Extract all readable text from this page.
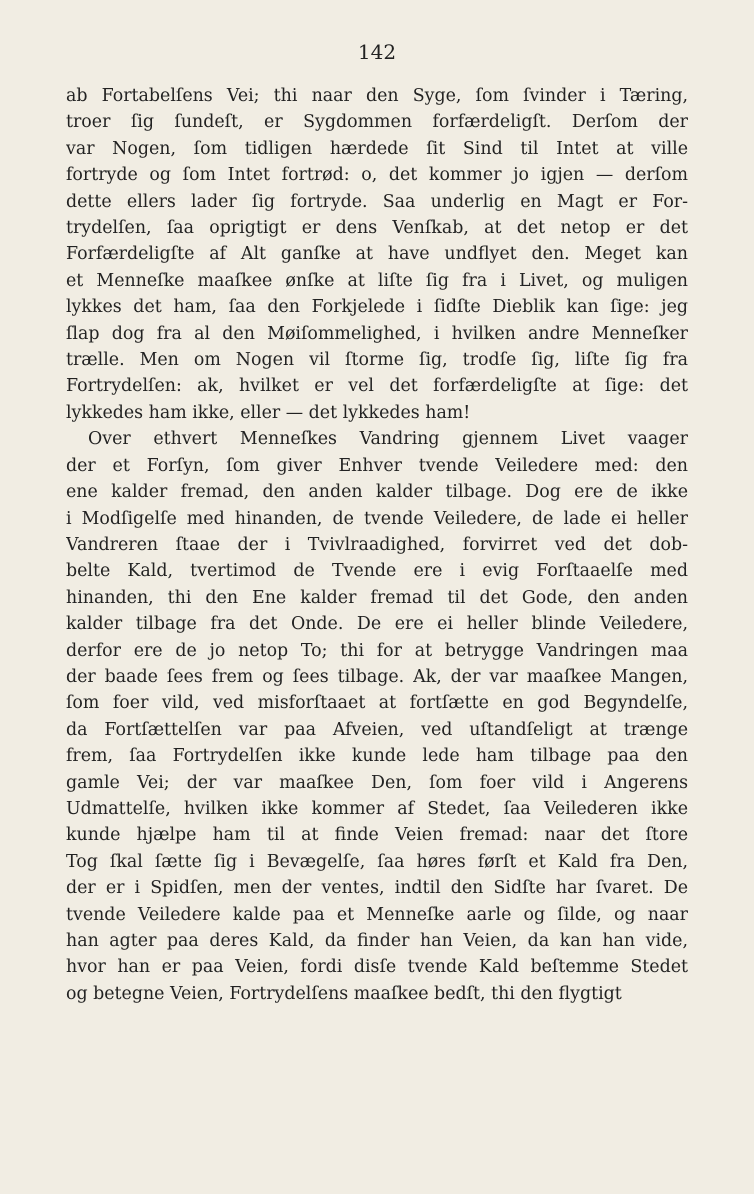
142
ab Fortabelſens Vei; thi naar den Syge, ſom ſvinder i Tæring,
troer ſig ſundeſt, er Sygdommen forfærdeligſt. Derſom der
var Nogen, ſom tidligen hærdede ſit Sind til Intet at ville
fortryde og ſom Intet fortrød: o, det kommer jo igjen — derſom
dette ellers lader ſig fortryde. Saa underlig en Magt er For-
trydelſen, ſaa oprigtigt er dens Venſkab, at det netop er det
Forfærdeligſte af Alt ganſke at have undflyet den. Meget kan
et Menneſke maaſkee ønſke at liſte ſig fra i Livet, og muligen
lykkes det ham, ſaa den Forkjelede i ſidſte Dieblik kan ſige: jeg
ſlap dog fra al den Møiſommelighed, i hvilken andre Menneſker
trælle. Men om Nogen vil ſtorme ſig, trodſe ſig, liſte ſig fra
Fortrydelſen: ak, hvilket er vel det forfærdeligſte at ſige: det
lykkedes ham ikke, eller — det lykkedes ham!
Over ethvert Menneſkes Vandring gjennem Livet vaager
der et Forſyn, ſom giver Enhver tvende Veiledere med: den
ene kalder fremad, den anden kalder tilbage. Dog ere de ikke
i Modſigelſe med hinanden, de tvende Veiledere, de lade ei heller
Vandreren ſtaae der i Tvivlraadighed, forvirret ved det dob-
belte Kald, tvertimod de Tvende ere i evig Forſtaaelſe med
hinanden, thi den Ene kalder fremad til det Gode, den anden
kalder tilbage fra det Onde. De ere ei heller blinde Veiledere,
derfor ere de jo netop To; thi for at betrygge Vandringen maa
der baade ſees frem og ſees tilbage. Ak, der var maaſkee Mangen,
ſom foer vild, ved misforſtaaet at fortſætte en god Begyndelſe,
da Fortſættelſen var paa Afveien, ved uſtandſeligt at trænge
frem, ſaa Fortrydelſen ikke kunde lede ham tilbage paa den
gamle Vei; der var maaſkee Den, ſom foer vild i Angerens
Udmattelſe, hvilken ikke kommer af Stedet, ſaa Veilederen ikke
kunde hjælpe ham til at finde Veien fremad: naar det ſtore
Tog ſkal ſætte ſig i Bevægelſe, ſaa høres førſt et Kald fra Den,
der er i Spidſen, men der ventes, indtil den Sidſte har ſvaret. De
tvende Veiledere kalde paa et Menneſke aarle og ſilde, og naar
han agter paa deres Kald, da finder han Veien, da kan han vide,
hvor han er paa Veien, fordi disſe tvende Kald beſtemme Stedet
og betegne Veien, Fortrydelſens maaſkee bedſt, thi den flygtigt
